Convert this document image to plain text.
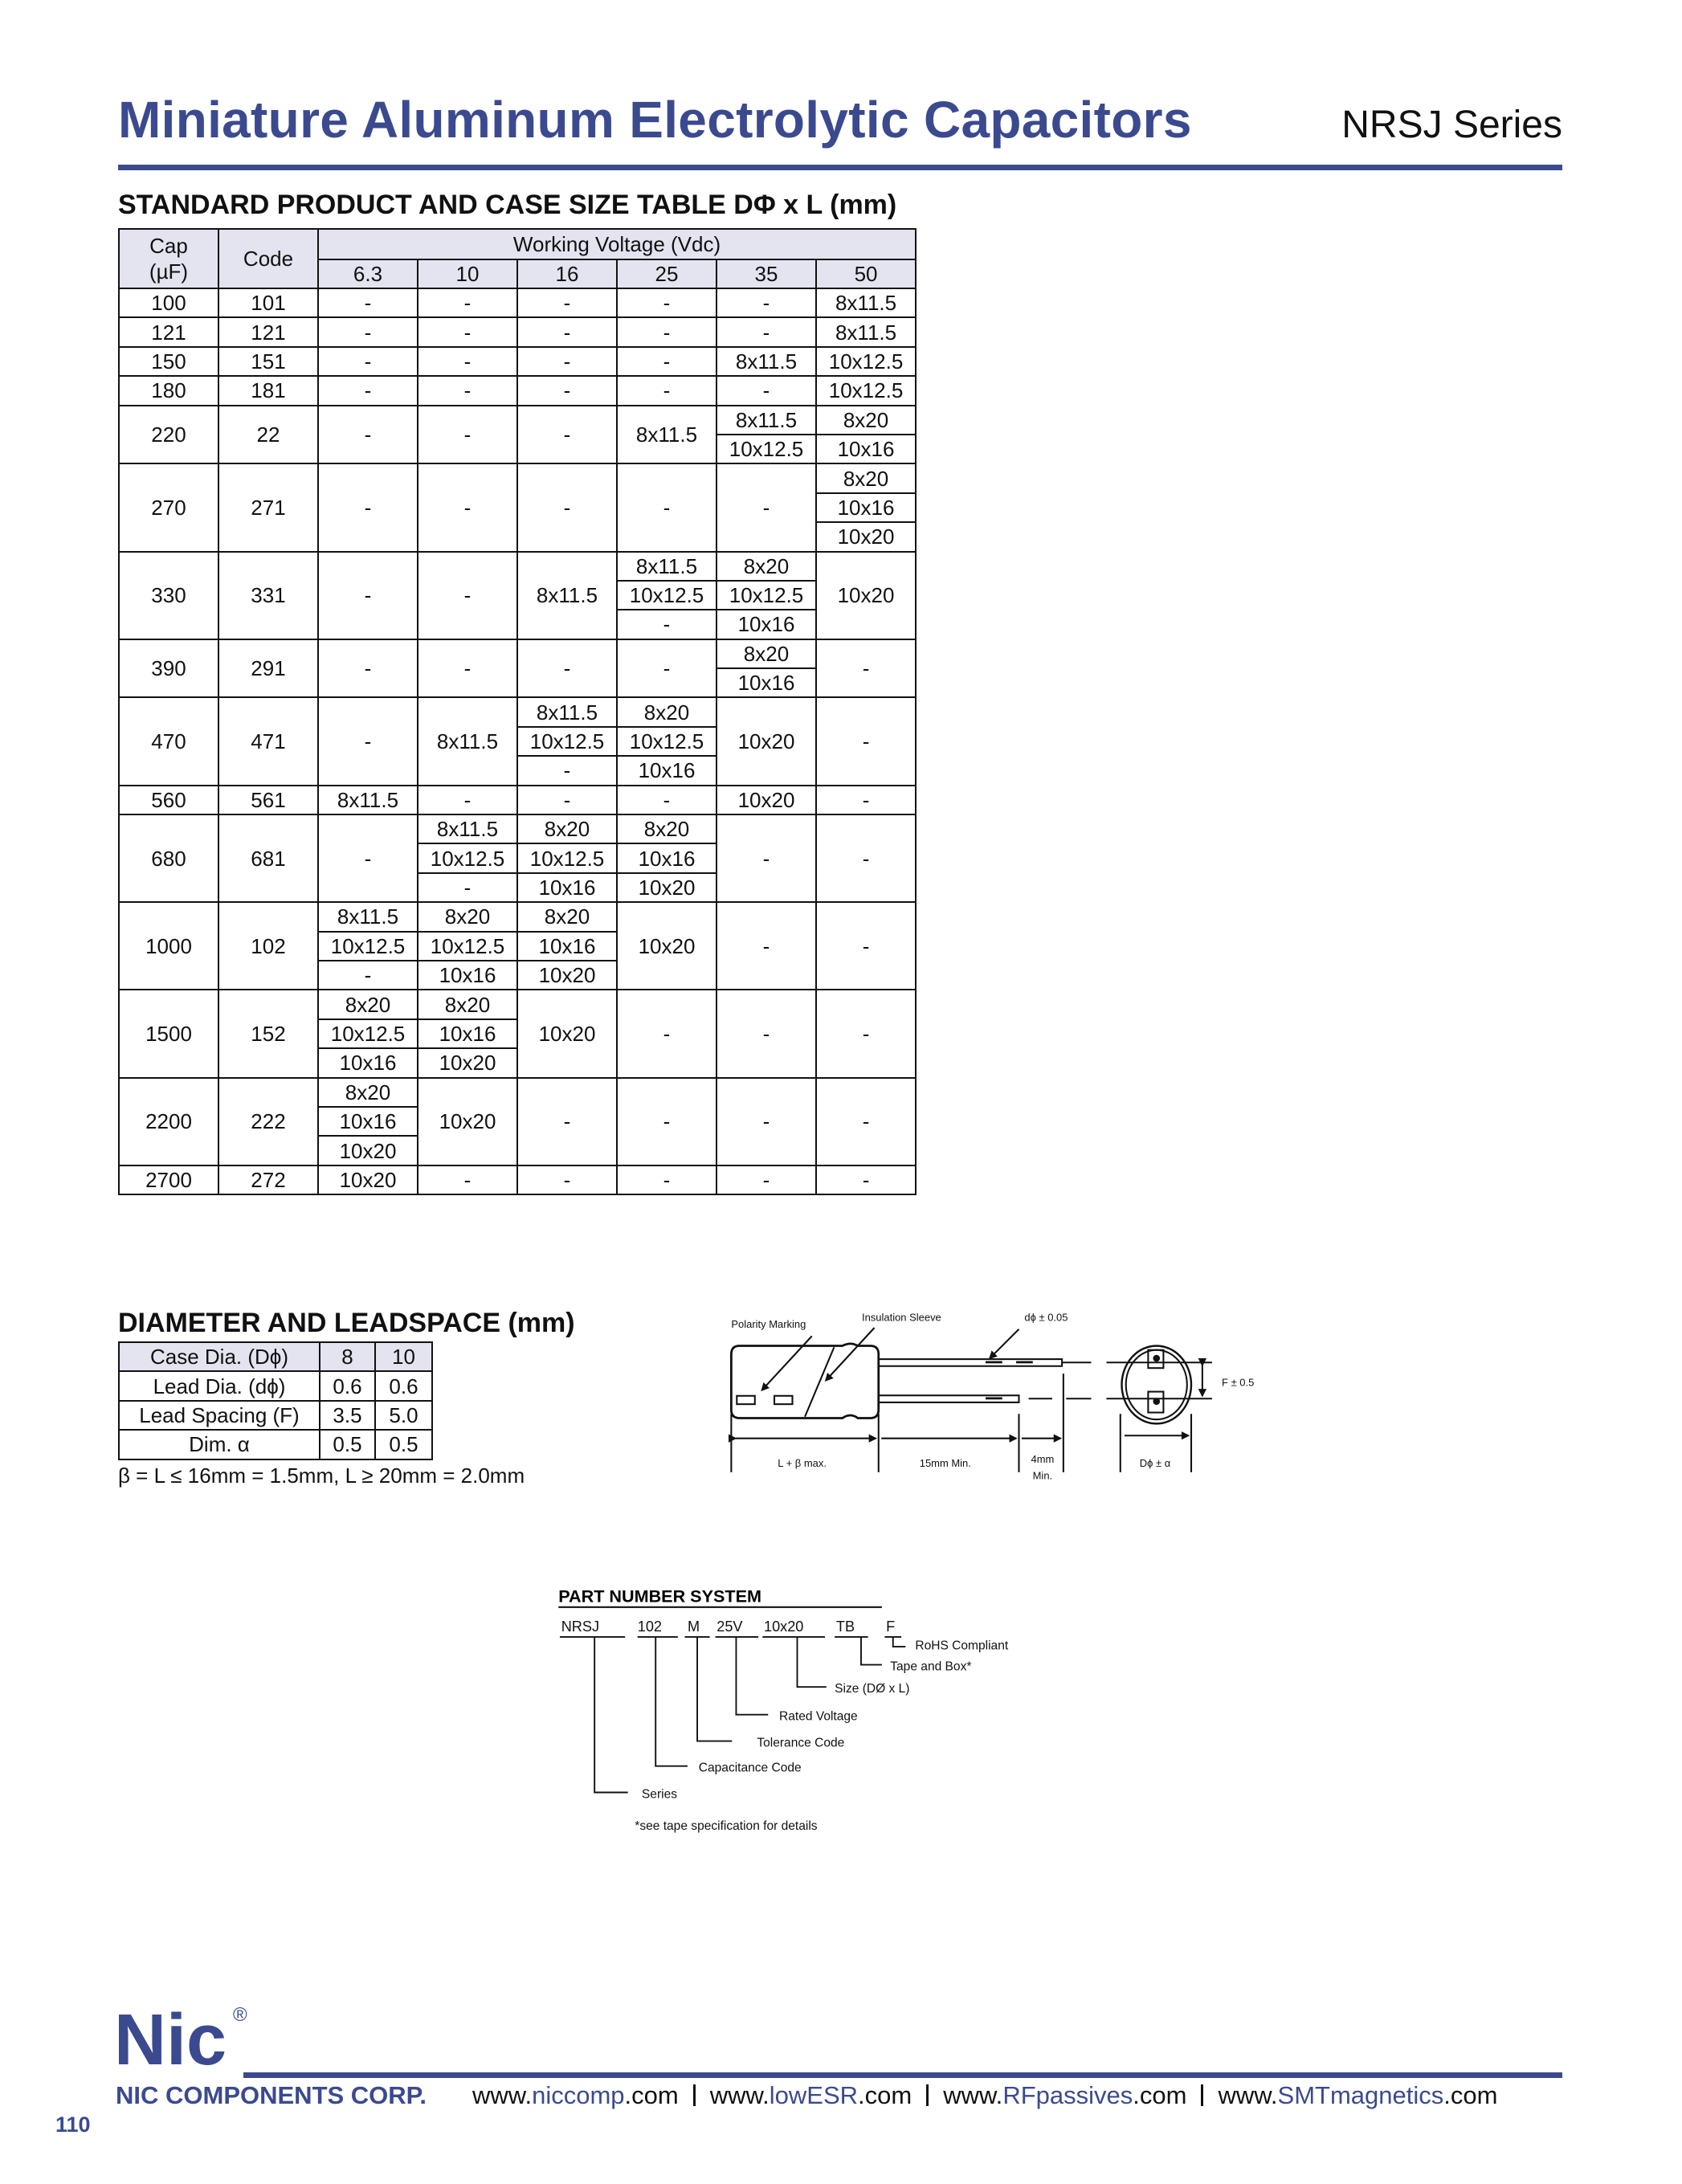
Miniature Aluminum Electrolytic Capacitors	NRSJ Series
STANDARD PRODUCT AND CASE SIZE TABLE DΦ x L (mm)
Cap
(µF)	Code	Working Voltage (Vdc)					
		6.3	10	16	25	35	50
100	101	-	-	-	-	-	8x11.5
121	121	-	-	-	-	-	8x11.5
150	151	-	-	-	-	8x11.5	10x12.5
180	181	-	-	-	-	-	10x12.5
220	22	-	-	-	8x11.5	8x11.5	8x20
						10x12.5	10x16
270	271	-	-	-	-	-	8x20
							10x16
							10x20
330	331	-	-	8x11.5	8x11.5	8x20	10x20
					10x12.5	10x12.5	
					-	10x16	
390	291	-	-	-	-	8x20	-
						10x16	
470	471	-	8x11.5	8x11.5	8x20	10x20	-
				10x12.5	10x12.5		
				-	10x16		
560	561	8x11.5	-	-	-	10x20	-
680	681	-	8x11.5	8x20	8x20	-	-
			10x12.5	10x12.5	10x16		
			-	10x16	10x20		
1000	102	8x11.5	8x20	8x20	10x20	-	-
		10x12.5	10x12.5	10x16			
		-	10x16	10x20			
1500	152	8x20	8x20	10x20	-	-	-
		10x12.5	10x16				
		10x16	10x20				
2200	222	8x20	10x20	-	-	-	-
		10x16					
		10x20					
2700	272	10x20	-	-	-	-	-
DIAMETER AND LEADSPACE (mm)
Case Dia. (Dϕ)	8	10
Lead Dia. (dϕ)	0.6	0.6
Lead Spacing (F)	3.5	5.0
Dim. α	0.5	0.5
β = L ≤ 16mm = 1.5mm, L ≥ 20mm = 2.0mm
Polarity Marking
Insulation Sleeve	dϕ ± 0.05
F ± 0.5
L + β max.	15mm Min.	4mm
Min.
Dϕ ± α
PART NUMBER SYSTEM
NRSJ	102	M 25V	10x20	TB	F
RoHS Compliant
Tape and Box*
Size (DØ x L)
Rated Voltage
Tolerance Code
Capacitance Code
Series
*see tape specification for details
Nic ®
NIC COMPONENTS CORP. www.niccomp.com www.lowESR.com www.RFpassives.com www.SMTmagnetics.com
110
